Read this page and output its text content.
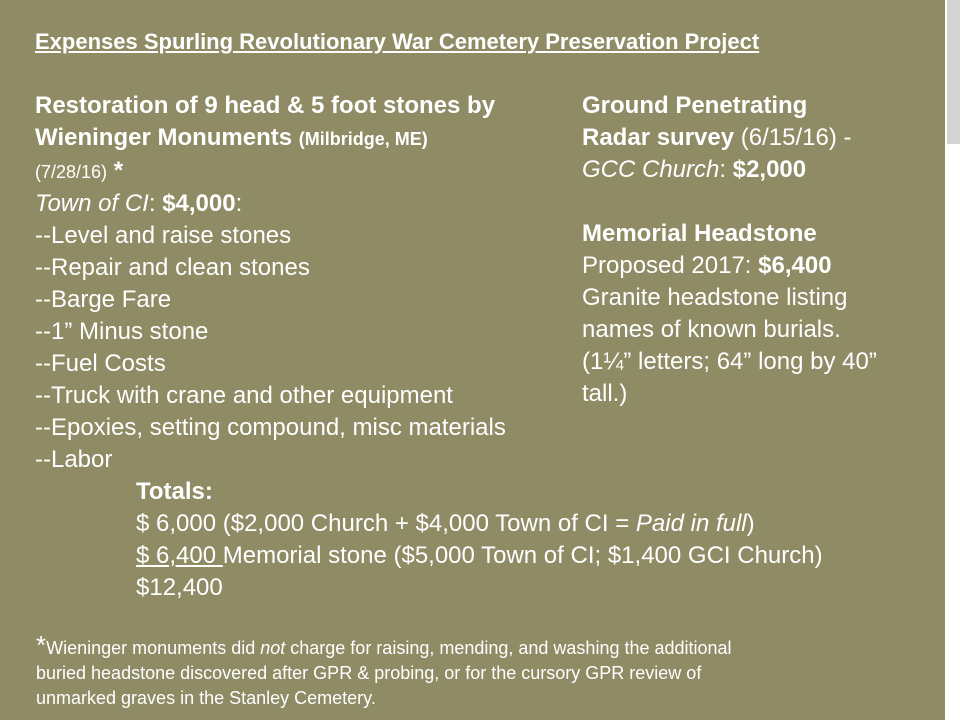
Expenses Spurling Revolutionary War Cemetery Preservation Project
Restoration of 9 head & 5 foot stones by
Wieninger Monuments (Milbridge, ME)
(7/28/16) *
Town of CI: $4,000:
--Level and raise stones
--Repair and clean stones
--Barge Fare
--1” Minus stone
--Fuel Costs
--Truck with crane and other equipment
--Epoxies, setting compound, misc materials
--Labor
Ground Penetrating
Radar survey (6/15/16) -
GCC Church: $2,000
Memorial Headstone
Proposed 2017: $6,400
Granite headstone listing
names of known burials.
(1¼” letters; 64” long by 40”
tall.)
Totals:
$ 6,000 ($2,000 Church + $4,000 Town of CI = Paid in full)
$ 6,400 Memorial stone ($5,000 Town of CI; $1,400 GCI Church)
$12,400
*Wieninger monuments did not charge for raising, mending, and washing the additional
buried headstone discovered after GPR & probing, or for the cursory GPR review of
unmarked graves in the Stanley Cemetery.
